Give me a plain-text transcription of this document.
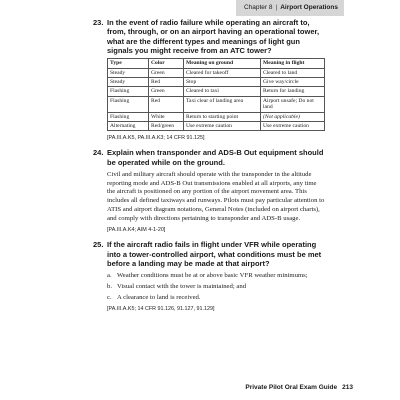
Chapter 8 | Airport Operations
23. In the event of radio failure while operating an aircraft to, from, through, or on an airport having an operational tower, what are the different types and meanings of light gun signals you might receive from an ATC tower?
Type	Color	Meaning on ground	Meaning in flight
Steady	Green	Cleared for takeoff	Cleared to land
Steady	Red	Stop	Give way/circle
Flashing	Green	Cleared to taxi	Return for landing
Flashing	Red	Taxi clear of landing area	Airport unsafe; Do not land
Flashing	White	Return to starting point	(Not applicable)
Alternating	Red/green	Use extreme caution	Use extreme caution
[PA.III.A.K5, PA.III.A.K3; 14 CFR 91.125]
24. Explain when transponder and ADS-B Out equipment should be operated while on the ground.
Civil and military aircraft should operate with the transponder in the altitude reporting mode and ADS-B Out transmissions enabled at all airports, any time the aircraft is positioned on any portion of the airport movement area. This includes all defined taxiways and runways. Pilots must pay particular attention to ATIS and airport diagram notations, General Notes (included on airport charts), and comply with directions pertaining to transponder and ADS-B usage.
[PA.III.A.K4; AIM 4-1-20]
25. If the aircraft radio fails in flight under VFR while operating into a tower-controlled airport, what conditions must be met before a landing may be made at that airport?
a. Weather conditions must be at or above basic VFR weather minimums;
b. Visual contact with the tower is maintained; and
c. A clearance to land is received.
[PA.III.A.K5; 14 CFR 91.126, 91.127, 91.129]
Private Pilot Oral Exam Guide 213
